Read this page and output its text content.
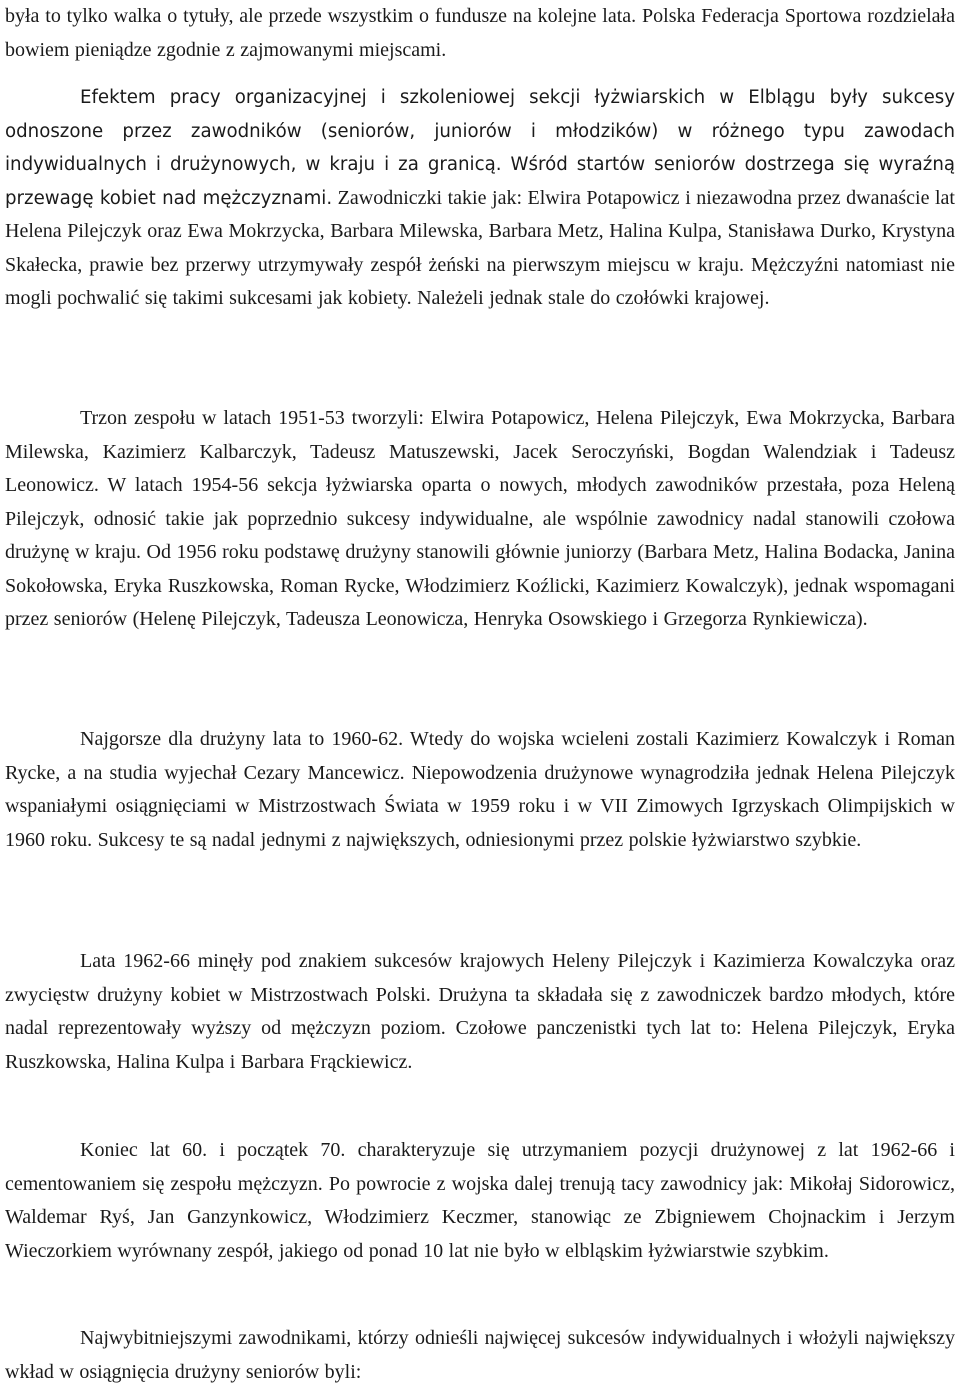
była to tylko walka o tytuły, ale przede wszystkim o fundusze na kolejne lata. Polska Federacja Sportowa rozdzielała bowiem pieniądze zgodnie z zajmowanymi miejscami.

Efektem pracy organizacyjnej i szkoleniowej sekcji łyżwiarskich w Elblągu były sukcesy odnoszone przez zawodników (seniorów, juniorów i młodzików) w różnego typu zawodach indywidualnych i drużynowych, w kraju i za granicą. Wśród startów seniorów dostrzega się wyraźną przewagę kobiet nad mężczyznami. Zawodniczki takie jak: Elwira Potapowicz i niezawodna przez dwanaście lat Helena Pilejczyk oraz Ewa Mokrzycka, Barbara Milewska, Barbara Metz, Halina Kulpa, Stanisława Durko, Krystyna Skałecka, prawie bez przerwy utrzymywały zespół żeński na pierwszym miejscu w kraju. Mężczyźni natomiast nie mogli pochwalić się takimi sukcesami jak kobiety. Należeli jednak stale do czołówki krajowej.

Trzon zespołu w latach 1951-53 tworzyli: Elwira Potapowicz, Helena Pilejczyk, Ewa Mokrzycka, Barbara Milewska, Kazimierz Kalbarczyk, Tadeusz Matuszewski, Jacek Seroczyński, Bogdan Walendziak i Tadeusz Leonowicz. W latach 1954-56 sekcja łyżwiarska oparta o nowych, młodych zawodników przestała, poza Heleną Pilejczyk, odnosić takie jak poprzednio sukcesy indywidualne, ale wspólnie zawodnicy nadal stanowili czołowa drużynę w kraju. Od 1956 roku podstawę drużyny stanowili głównie juniorzy (Barbara Metz, Halina Bodacka, Janina Sokołowska, Eryka Ruszkowska, Roman Rycke, Włodzimierz Koźlicki, Kazimierz Kowalczyk), jednak wspomagani przez seniorów (Helenę Pilejczyk, Tadeusza Leonowicza, Henryka Osowskiego i Grzegorza Rynkiewicza).

Najgorsze dla drużyny lata to 1960-62. Wtedy do wojska wcieleni zostali Kazimierz Kowalczyk i Roman Rycke, a na studia wyjechał Cezary Mancewicz. Niepowodzenia drużynowe wynagrodziła jednak Helena Pilejczyk wspaniałymi osiągnięciami w Mistrzostwach Świata w 1959 roku i w VII Zimowych Igrzyskach Olimpijskich w 1960 roku. Sukcesy te są nadal jednymi z największych, odniesionymi przez polskie łyżwiarstwo szybkie.

Lata 1962-66 minęły pod znakiem sukcesów krajowych Heleny Pilejczyk i Kazimierza Kowalczyka oraz zwycięstw drużyny kobiet w Mistrzostwach Polski. Drużyna ta składała się z zawodniczek bardzo młodych, które nadal reprezentowały wyższy od mężczyzn poziom. Czołowe panczenistki tych lat to: Helena Pilejczyk, Eryka Ruszkowska, Halina Kulpa i Barbara Frąckiewicz.

Koniec lat 60. i początek 70. charakteryzuje się utrzymaniem pozycji drużynowej z lat 1962-66 i cementowaniem się zespołu mężczyzn. Po powrocie z wojska dalej trenują tacy zawodnicy jak: Mikołaj Sidorowicz, Waldemar Ryś, Jan Ganzynkowicz, Włodzimierz Keczmer, stanowiąc ze Zbigniewem Chojnackim i Jerzym Wieczorkiem wyrównany zespół, jakiego od ponad 10 lat nie było w elbląskim łyżwiarstwie szybkim.

Najwybitniejszymi zawodnikami, którzy odnieśli najwięcej sukcesów indywidualnych i włożyli największy wkład w osiągnięcia drużyny seniorów byli:
